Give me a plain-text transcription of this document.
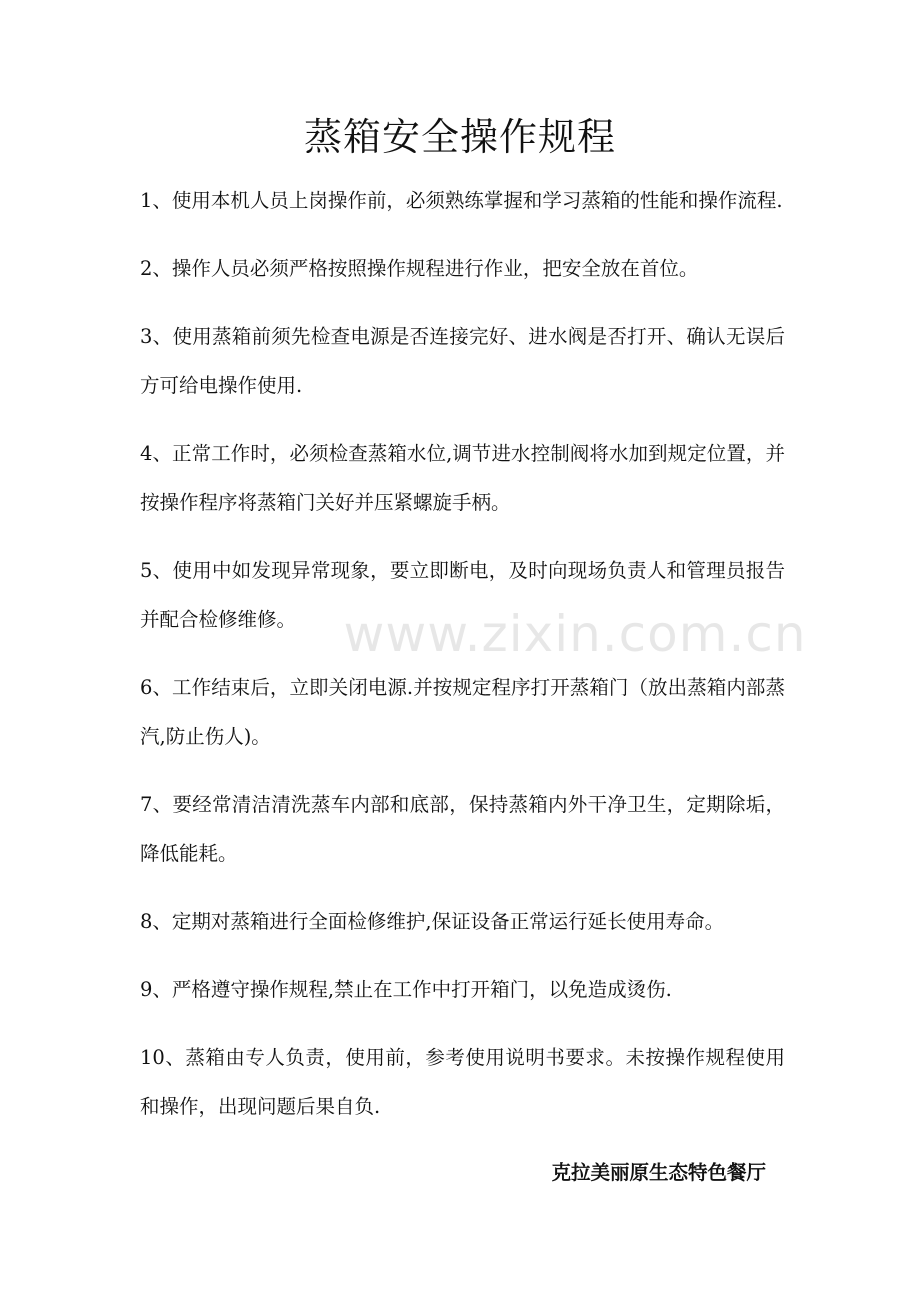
蒸箱安全操作规程
1、使用本机人员上岗操作前，必须熟练掌握和学习蒸箱的性能和操作流程.
2、操作人员必须严格按照操作规程进行作业，把安全放在首位。
3、使用蒸箱前须先检查电源是否连接完好、进水阀是否打开、确认无误后方可给电操作使用.
4、正常工作时，必须检查蒸箱水位,调节进水控制阀将水加到规定位置，并按操作程序将蒸箱门关好并压紧螺旋手柄。
5、使用中如发现异常现象，要立即断电，及时向现场负责人和管理员报告并配合检修维修。
6、工作结束后，立即关闭电源.并按规定程序打开蒸箱门（放出蒸箱内部蒸汽,防止伤人)。
7、要经常清洁清洗蒸车内部和底部，保持蒸箱内外干净卫生，定期除垢，降低能耗。
8、定期对蒸箱进行全面检修维护,保证设备正常运行延长使用寿命。
9、严格遵守操作规程,禁止在工作中打开箱门，以免造成烫伤.
10、蒸箱由专人负责，使用前，参考使用说明书要求。未按操作规程使用和操作，出现问题后果自负.

克拉美丽原生态特色餐厅

www.zixin.com.cn
